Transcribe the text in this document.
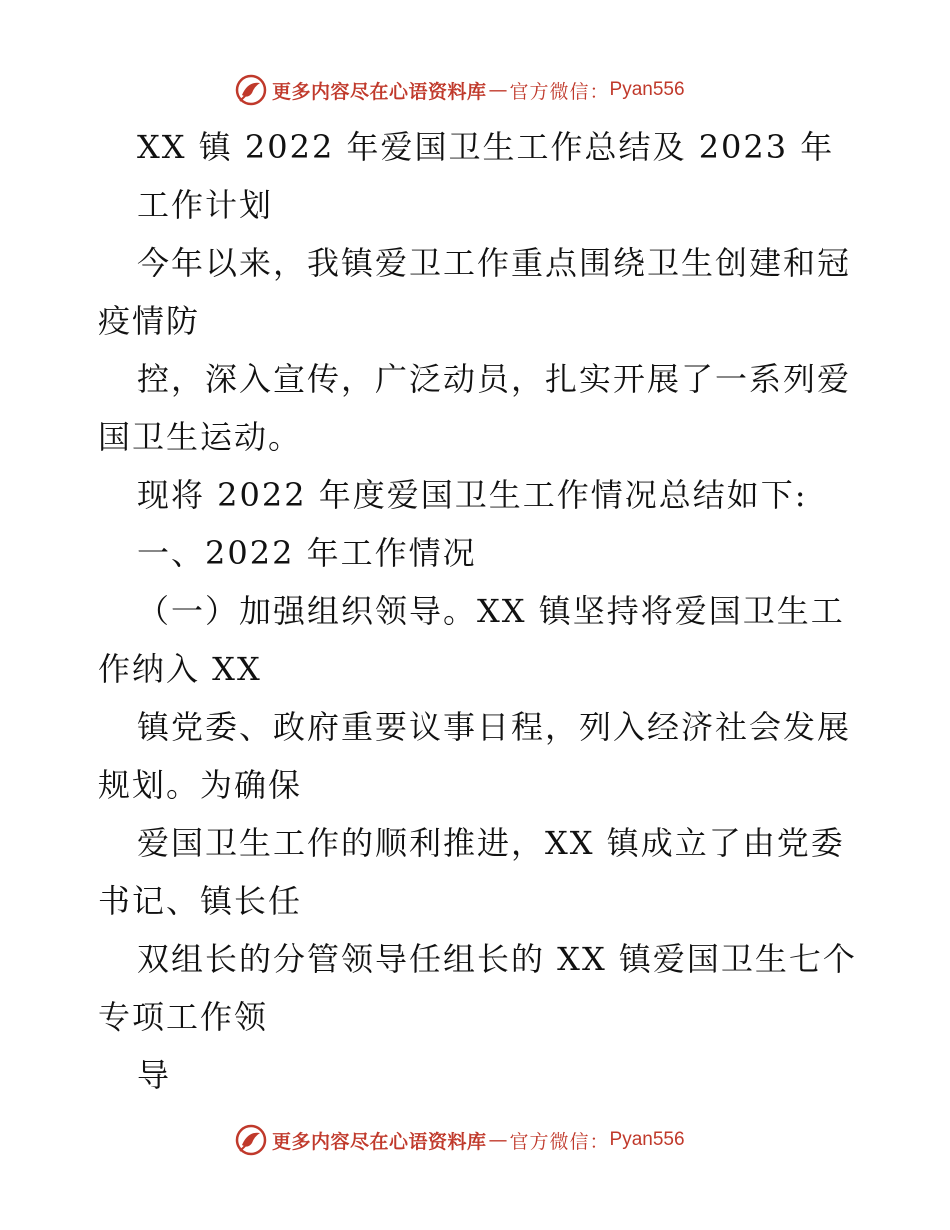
更多内容尽在心语资料库 — 官方微信： Pyan556
XX 镇 2022 年爱国卫生工作总结及 2023 年
工作计划
今年以来，我镇爱卫工作重点围绕卫生创建和冠
疫情防
控，深入宣传，广泛动员，扎实开展了一系列爱
国卫生运动。
现将 2022 年度爱国卫生工作情况总结如下:
一、2022 年工作情况
（一）加强组织领导。XX 镇坚持将爱国卫生工
作纳入 XX
镇党委、政府重要议事日程，列入经济社会发展
规划。为确保
爱国卫生工作的顺利推进，XX 镇成立了由党委
书记、镇长任
双组长的分管领导任组长的 XX 镇爱国卫生七个
专项工作领
导
更多内容尽在心语资料库 — 官方微信： Pyan556
